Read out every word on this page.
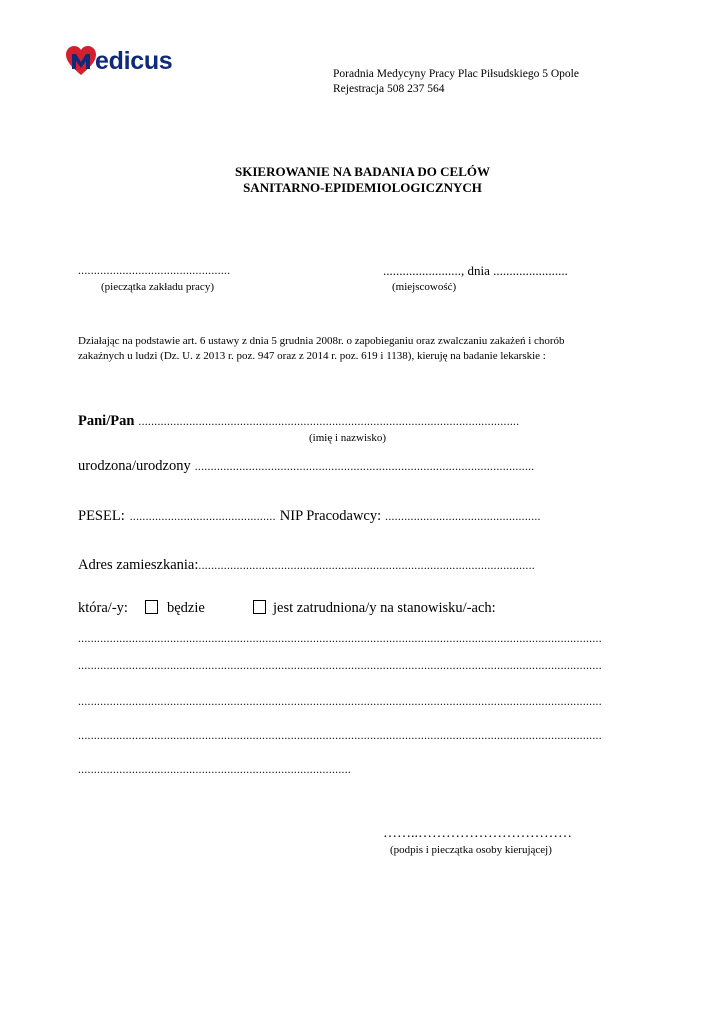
edicus	Poradnia Medycyny Pracy Plac Piłsudskiego 5 Opole
Rejestracja 508 237 564
SKIEROWANIE NA BADANIA DO CELÓW
SANITARNO-EPIDEMIOLOGICZNYCH
................................................
(pieczątka zakładu pracy)
........................, dnia .......................
(miejscowość)
Działając na podstawie art. 6 ustawy z dnia 5 grudnia 2008r. o zapobieganiu oraz zwalczaniu zakażeń i chorób
zakaźnych u ludzi (Dz. U. z 2013 r. poz. 947 oraz z 2014 r. poz. 619 i 1138), kieruję na badanie lekarskie :
Pani/Pan ........................................................................................................................
(imię i nazwisko)
urodzona/urodzony ...........................................................................................................
PESEL: .............................................. NIP Pracodawcy: .................................................
Adres zamieszkania: ..........................................................................................................
która/-y:	będzie	jest zatrudniona/y na stanowisku/-ach:
.....................................................................................................................................................................
.....................................................................................................................................................................
.....................................................................................................................................................................
.....................................................................................................................................................................
......................................................................................
……..……………………………
(podpis i pieczątka osoby kierującej)
